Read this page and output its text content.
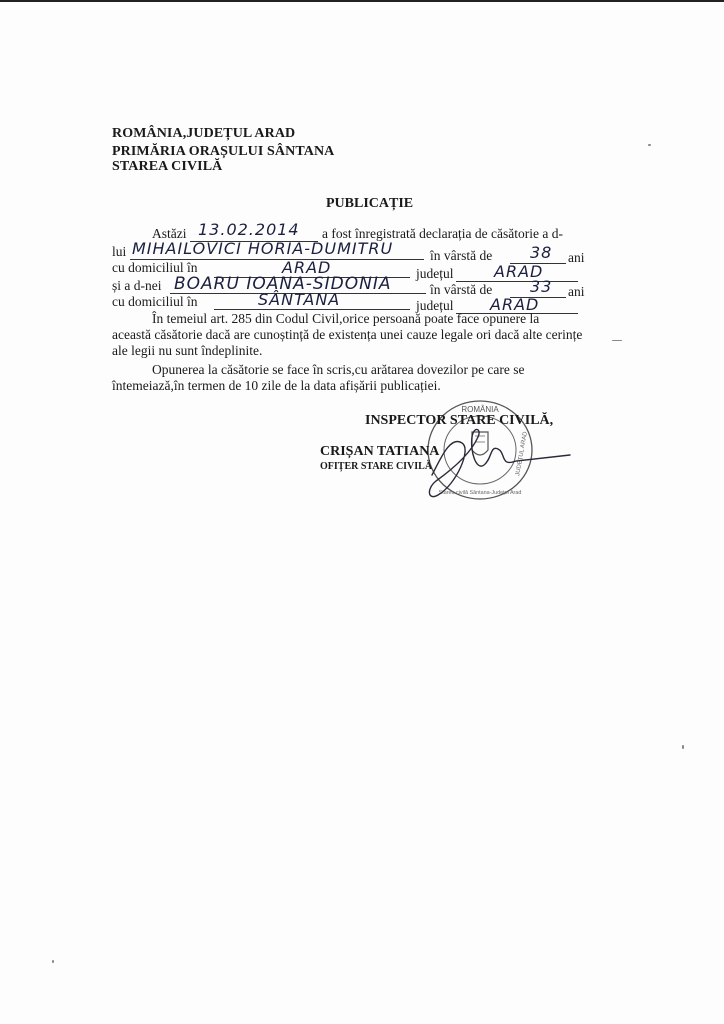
ROMÂNIA,JUDEȚUL ARAD
PRIMĂRIA ORAȘULUI SÂNTANA
STAREA CIVILĂ
PUBLICAȚIE
Astăzi 13.02.2014 a fost înregistrată declarația de căsătorie a d-
lui MIHAILOVICI HORIA-DUMITRU	în vârstă de 38 ani
cu domiciliul în	ARAD	județul	ARAD
și a d-nei BOARU IOANA-SIDONIA	în vârstă de 33 ani
cu domiciliul în	SÂNTANA	județul ARAD
În temeiul art. 285 din Codul Civil,orice persoană poate face opunere la
această căsătorie dacă are cunoștință de existența unei cauze legale ori dacă alte cerințe
ale legii nu sunt îndeplinite.
Opunerea la căsătorie se face în scris,cu arătarea dovezilor pe care se
întemeiază,în termen de 10 zile de la data afișării publicației.
ROMÂNIA
JUDEȚUL ARAD
Starea civilă Sântana-Județul Arad
INSPECTOR STARE CIVILĂ,
CRIȘAN TATIANA
OFIȚER STARE CIVILĂ
